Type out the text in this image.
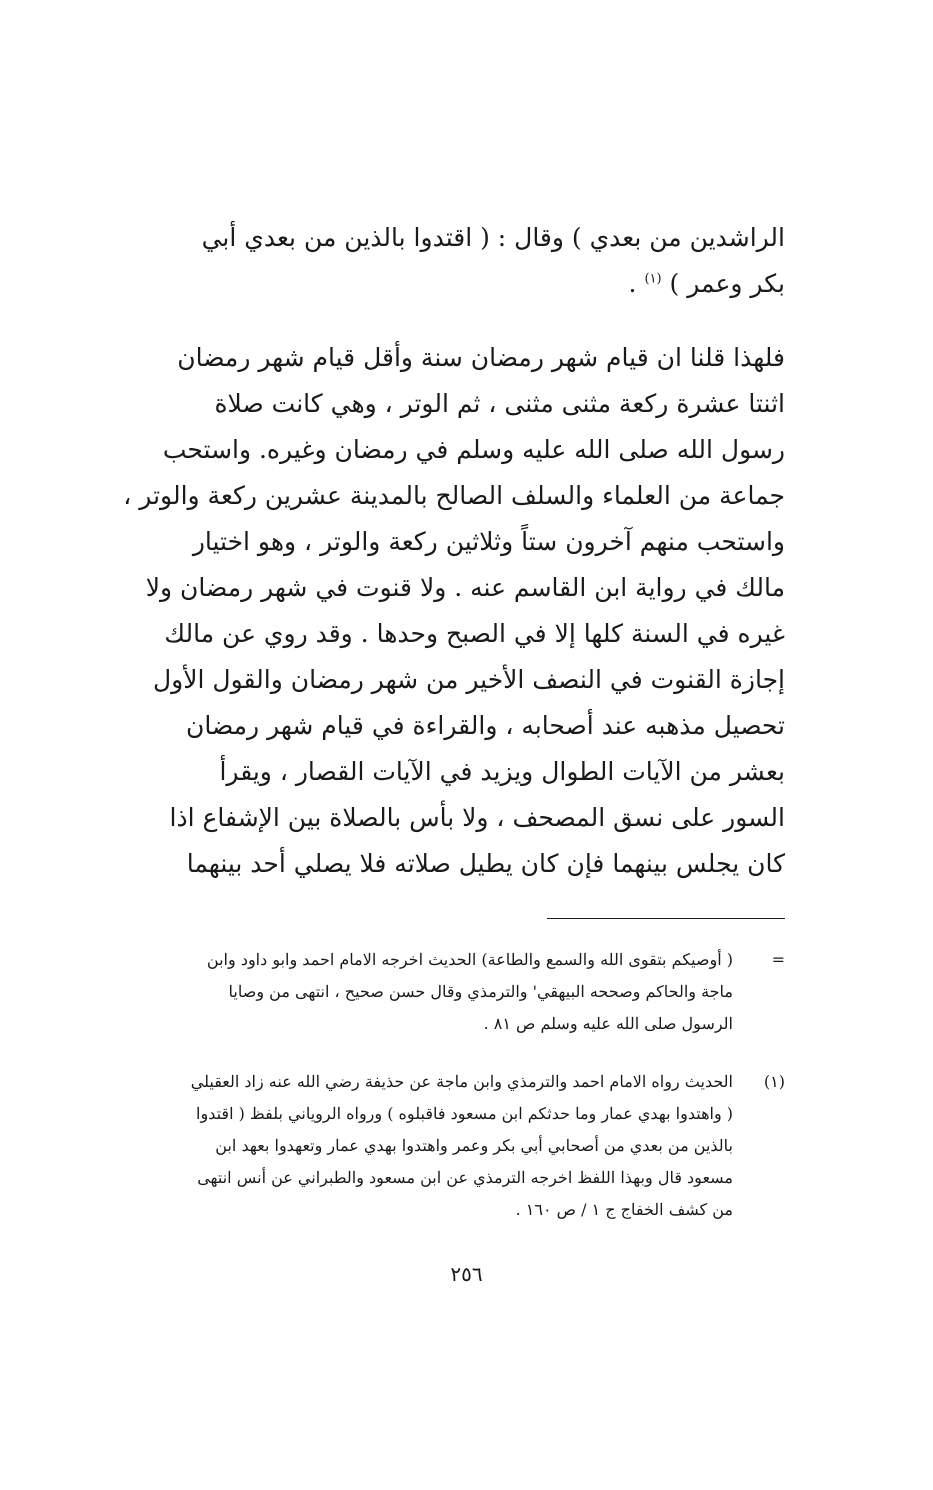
الراشدين من بعدي ) وقال : ( اقتدوا بالذين من بعدي أبي
بكر وعمر ) $^{(١)}$ .
فلهذا قلنا ان قيام شهر رمضان سنة وأقل قيام شهر رمضان
اثنتا عشرة ركعة مثنى مثنى ، ثم الوتر ، وهي كانت صلاة
رسول الله صلى الله عليه وسلم في رمضان وغيره. واستحب
جماعة من العلماء والسلف الصالح بالمدينة عشرين ركعة والوتر ،
واستحب منهم آخرون ستاً وثلاثين ركعة والوتر ، وهو اختيار
مالك في رواية ابن القاسم عنه . ولا قنوت في شهر رمضان ولا
غيره في السنة كلها إلا في الصبح وحدها . وقد روي عن مالك
إجازة القنوت في النصف الأخير من شهر رمضان والقول الأول
تحصيل مذهبه عند أصحابه ، والقراءة في قيام شهر رمضان
بعشر من الآيات الطوال ويزيد في الآيات القصار ، ويقرأ
السور على نسق المصحف ، ولا بأس بالصلاة بين الإشفاع اذا
كان يجلس بينهما فإن كان يطيل صلاته فلا يصلي أحد بينهما
=
( أوصيكم بتقوى الله والسمع والطاعة) الحديث اخرجه الامام احمد وابو داود وابن
ماجة والحاكم وصححه البيهقي' والترمذي وقال حسن صحيح ، انتهى من وصايا
الرسول صلى الله عليه وسلم ص ٨١ .
(١)
الحديث رواه الامام احمد والترمذي وابن ماجة عن حذيفة رضي الله عنه زاد العقيلي
( واهتدوا بهدي عمار وما حدثكم ابن مسعود فاقبلوه ) ورواه الروياني بلفظ ( اقتدوا
بالذين من بعدي من أصحابي أبي بكر وعمر واهتدوا بهدي عمار وتعهدوا بعهد ابن
مسعود قال وبهذا اللفظ اخرجه الترمذي عن ابن مسعود والطبراني عن أنس انتهى
من كشف الخفاج ج ١ / ص ١٦٠ .
٢٥٦
